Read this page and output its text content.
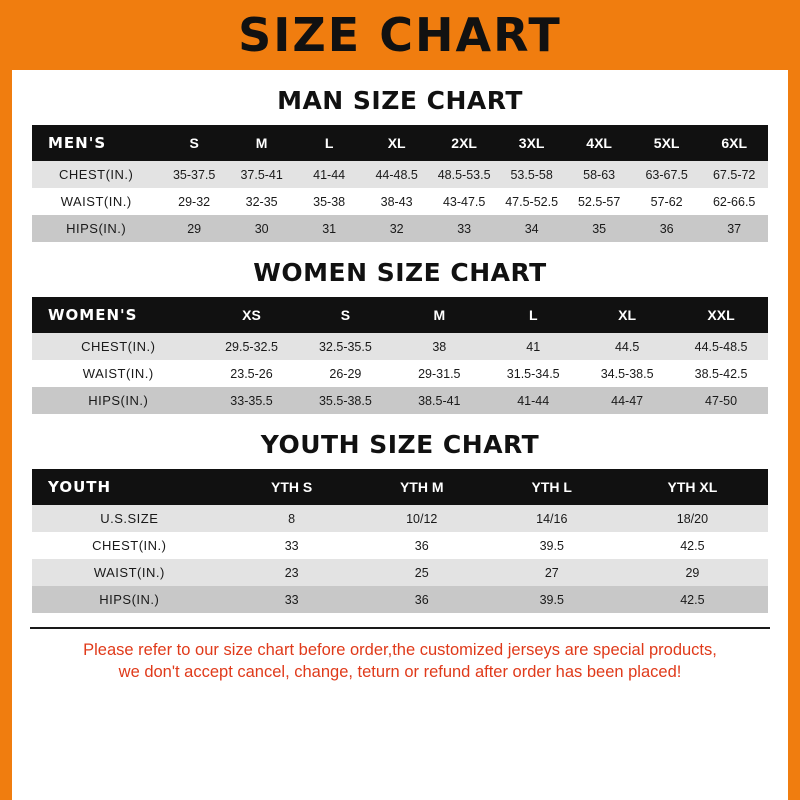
SIZE CHART
MAN SIZE CHART
MEN'S	S	M	L	XL	2XL	3XL	4XL	5XL	6XL
CHEST(IN.)	35-37.5	37.5-41	41-44	44-48.5	48.5-53.5	53.5-58	58-63	63-67.5	67.5-72
WAIST(IN.)	29-32	32-35	35-38	38-43	43-47.5	47.5-52.5	52.5-57	57-62	62-66.5
HIPS(IN.)	29	30	31	32	33	34	35	36	37
WOMEN SIZE CHART
WOMEN'S	XS	S	M	L	XL	XXL
CHEST(IN.)	29.5-32.5	32.5-35.5	38	41	44.5	44.5-48.5
WAIST(IN.)	23.5-26	26-29	29-31.5	31.5-34.5	34.5-38.5	38.5-42.5
HIPS(IN.)	33-35.5	35.5-38.5	38.5-41	41-44	44-47	47-50
YOUTH SIZE CHART
YOUTH	YTH S	YTH M	YTH L	YTH XL
U.S.SIZE	8	10/12	14/16	18/20
CHEST(IN.)	33	36	39.5	42.5
WAIST(IN.)	23	25	27	29
HIPS(IN.)	33	36	39.5	42.5
Please refer to our size chart before order,the customized jerseys are special products,
we don't accept cancel, change, teturn or refund after order has been placed!
